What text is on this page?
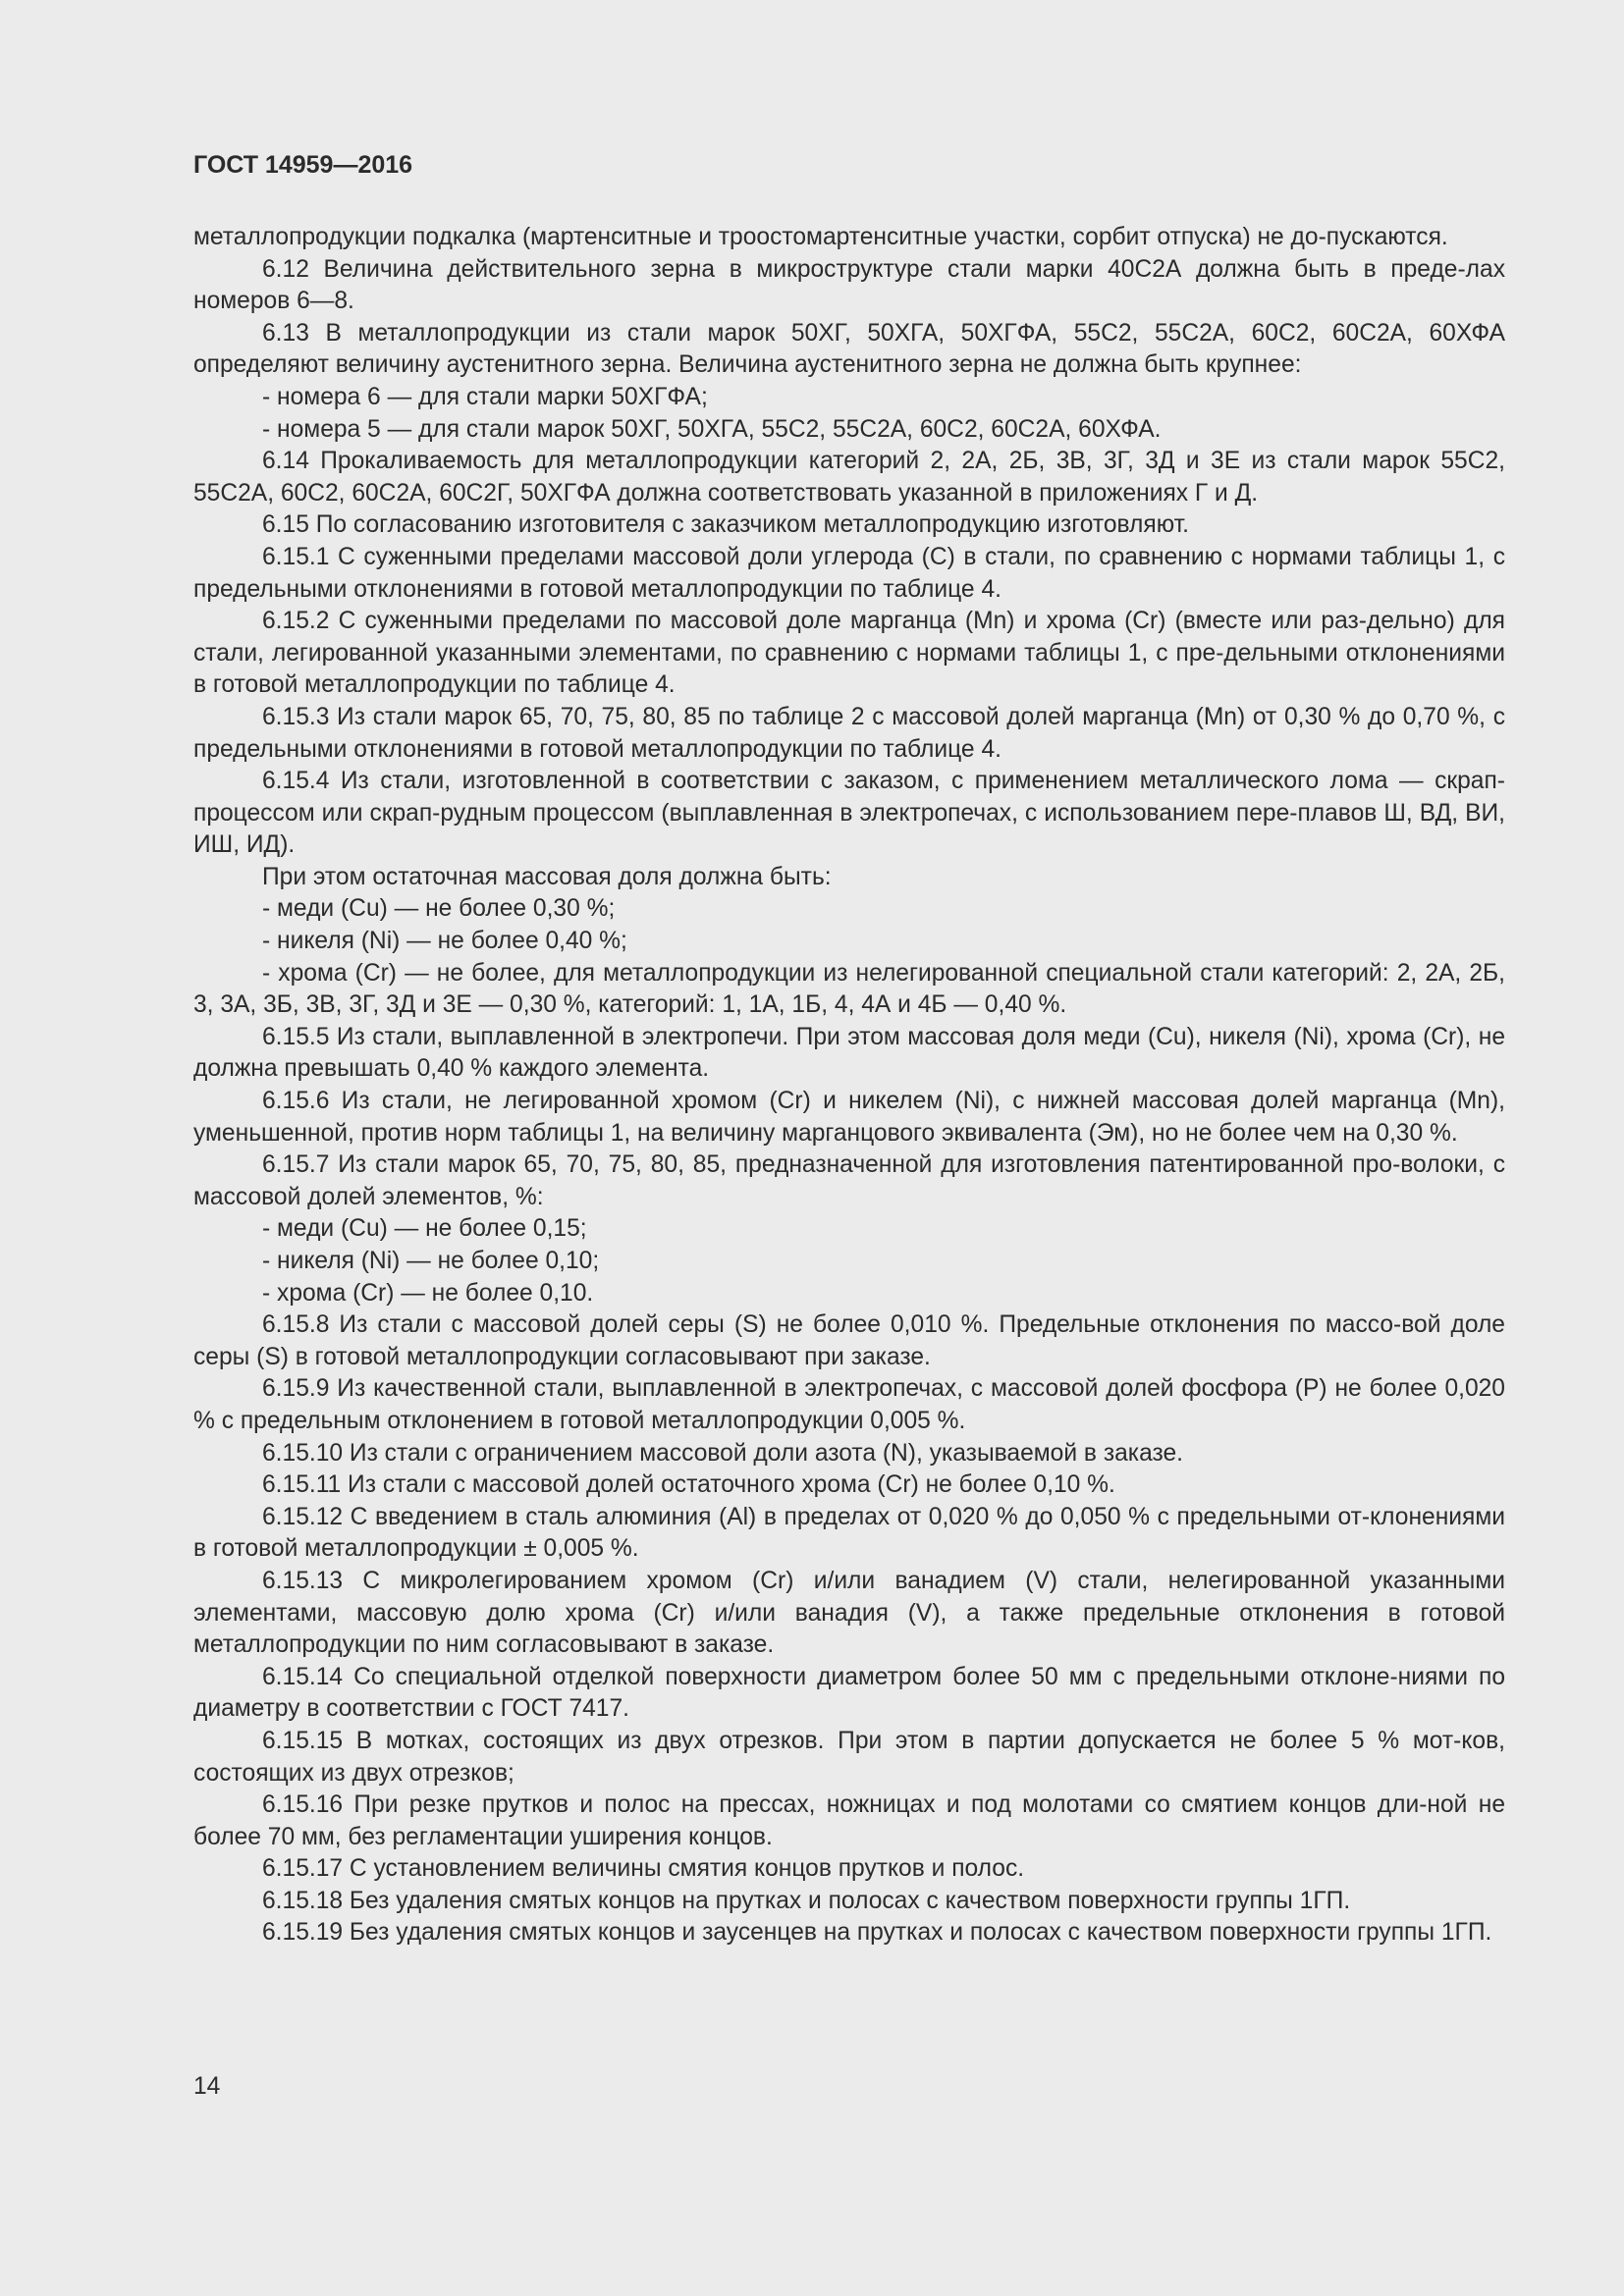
ГОСТ 14959—2016

металлопродукции подкалка (мартенситные и троостомартенситные участки, сорбит отпуска) не до-пускаются.

6.12 Величина действительного зерна в микроструктуре стали марки 40С2А должна быть в преде-лах номеров 6—8.

6.13 В металлопродукции из стали марок 50ХГ, 50ХГА, 50ХГФА, 55С2, 55С2А, 60С2, 60С2А, 60ХФА определяют величину аустенитного зерна. Величина аустенитного зерна не должна быть крупнее:

- номера 6 — для стали марки 50ХГФА;

- номера 5 — для стали марок 50ХГ, 50ХГА, 55С2, 55С2А, 60С2, 60С2А, 60ХФА.

6.14 Прокаливаемость для металлопродукции категорий 2, 2А, 2Б, 3В, 3Г, 3Д и 3Е из стали марок 55С2, 55С2А, 60С2, 60С2А, 60С2Г, 50ХГФА должна соответствовать указанной в приложениях Г и Д.

6.15 По согласованию изготовителя с заказчиком металлопродукцию изготовляют.

6.15.1 С суженными пределами массовой доли углерода (С) в стали, по сравнению с нормами таблицы 1, с предельными отклонениями в готовой металлопродукции по таблице 4.

6.15.2 С суженными пределами по массовой доле марганца (Mn) и хрома (Cr) (вместе или раз-дельно) для стали, легированной указанными элементами, по сравнению с нормами таблицы 1, с пре-дельными отклонениями в готовой металлопродукции по таблице 4.

6.15.3 Из стали марок 65, 70, 75, 80, 85 по таблице 2 с массовой долей марганца (Mn) от 0,30 % до 0,70 %, с предельными отклонениями в готовой металлопродукции по таблице 4.

6.15.4 Из стали, изготовленной в соответствии с заказом, с применением металлического лома — скрап-процессом или скрап-рудным процессом (выплавленная в электропечах, с использованием пере-плавов Ш, ВД, ВИ, ИШ, ИД).

При этом остаточная массовая доля должна быть:

- меди (Cu) — не более 0,30 %;

- никеля (Ni) — не более 0,40 %;

- хрома (Cr) — не более, для металлопродукции из нелегированной специальной стали категорий: 2, 2А, 2Б, 3, 3А, 3Б, 3В, 3Г, 3Д и 3Е — 0,30 %, категорий: 1, 1А, 1Б, 4, 4А и 4Б — 0,40 %.

6.15.5 Из стали, выплавленной в электропечи. При этом массовая доля меди (Cu), никеля (Ni), хрома (Cr), не должна превышать 0,40 % каждого элемента.

6.15.6 Из стали, не легированной хромом (Cr) и никелем (Ni), с нижней массовая долей марганца (Mn), уменьшенной, против норм таблицы 1, на величину марганцового эквивалента (Эм), но не более чем на 0,30 %.

6.15.7 Из стали марок 65, 70, 75, 80, 85, предназначенной для изготовления патентированной про-волоки, с массовой долей элементов, %:

- меди (Cu) — не более 0,15;

- никеля (Ni) — не более 0,10;

- хрома (Cr) — не более 0,10.

6.15.8 Из стали с массовой долей серы (S) не более 0,010 %. Предельные отклонения по массо-вой доле серы (S) в готовой металлопродукции согласовывают при заказе.

6.15.9 Из качественной стали, выплавленной в электропечах, с массовой долей фосфора (Р) не более 0,020 % с предельным отклонением в готовой металлопродукции 0,005 %.

6.15.10 Из стали с ограничением массовой доли азота (N), указываемой в заказе.

6.15.11 Из стали с массовой долей остаточного хрома (Cr) не более 0,10 %.

6.15.12 С введением в сталь алюминия (Al) в пределах от 0,020 % до 0,050 % с предельными от-клонениями в готовой металлопродукции ± 0,005 %.

6.15.13 С микролегированием хромом (Cr) и/или ванадием (V) стали, нелегированной указанными элементами, массовую долю хрома (Cr) и/или ванадия (V), а также предельные отклонения в готовой металлопродукции по ним согласовывают в заказе.

6.15.14 Со специальной отделкой поверхности диаметром более 50 мм с предельными отклоне-ниями по диаметру в соответствии с ГОСТ 7417.

6.15.15 В мотках, состоящих из двух отрезков. При этом в партии допускается не более 5 % мот-ков, состоящих из двух отрезков;

6.15.16 При резке прутков и полос на прессах, ножницах и под молотами со смятием концов дли-ной не более 70 мм, без регламентации уширения концов.

6.15.17 С установлением величины смятия концов прутков и полос.

6.15.18 Без удаления смятых концов на прутках и полосах с качеством поверхности группы 1ГП.

6.15.19 Без удаления смятых концов и заусенцев на прутках и полосах с качеством поверхности группы 1ГП.

14
